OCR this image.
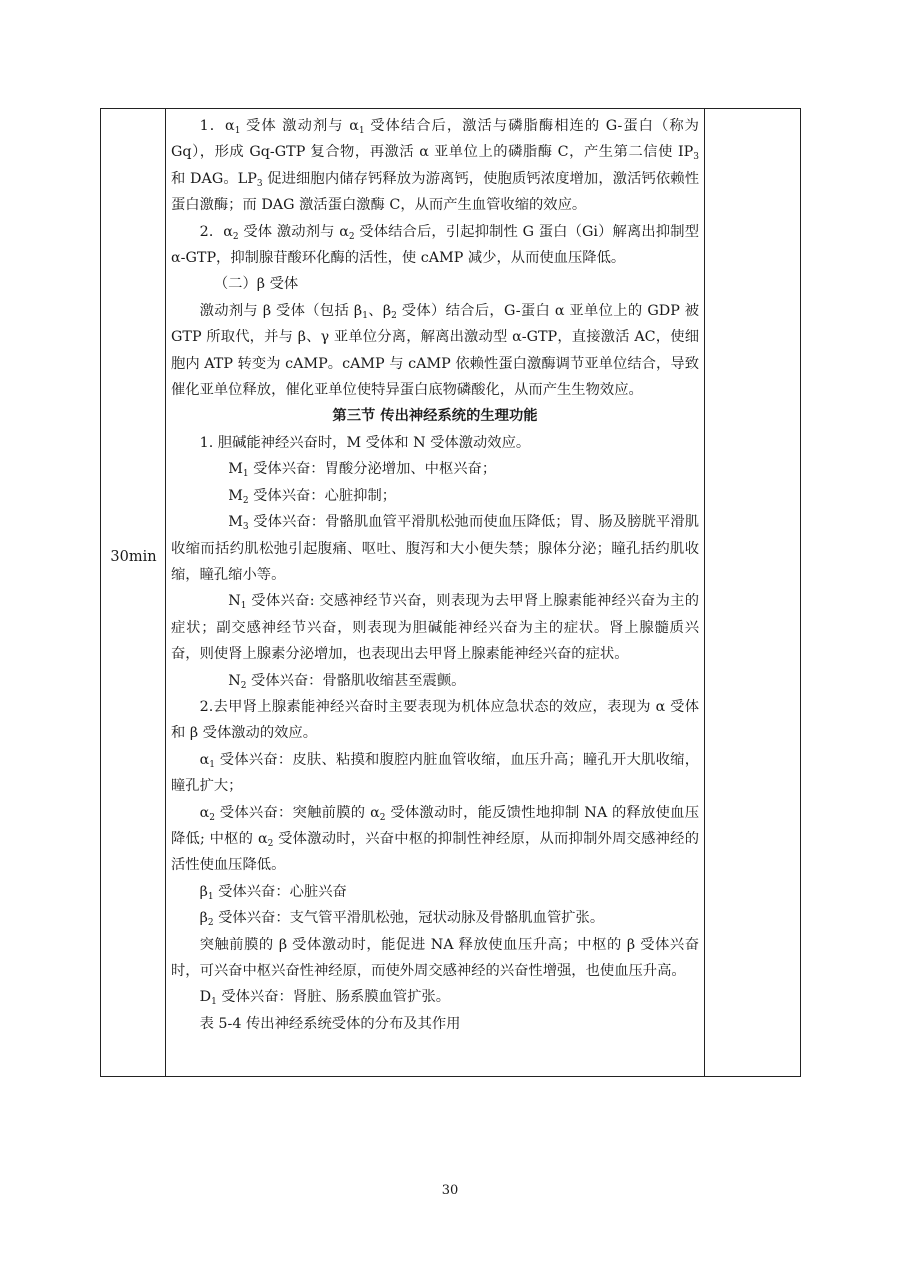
30min

1．$\alpha_1$ 受体 激动剂与 $\alpha_1$ 受体结合后，激活与磷脂酶相连的 G-蛋白（称为 Gq），形成 Gq-GTP 复合物，再激活 α 亚单位上的磷脂酶 C，产生第二信使 $IP_3$ 和 DAG。$LP_3$ 促进细胞内储存钙释放为游离钙，使胞质钙浓度增加，激活钙依赖性蛋白激酶；而 DAG 激活蛋白激酶 C，从而产生血管收缩的效应。

2．$\alpha_2$ 受体 激动剂与 $\alpha_2$ 受体结合后，引起抑制性 G 蛋白（Gi）解离出抑制型 α-GTP，抑制腺苷酸环化酶的活性，使 cAMP 减少，从而使血压降低。

（二）β 受体

激动剂与 β 受体（包括 $\beta_1$、$\beta_2$ 受体）结合后，G-蛋白 α 亚单位上的 GDP 被 GTP 所取代，并与 β、γ 亚单位分离，解离出激动型 α-GTP，直接激活 AC，使细胞内 ATP 转变为 cAMP。cAMP 与 cAMP 依赖性蛋白激酶调节亚单位结合，导致催化亚单位释放，催化亚单位使特异蛋白底物磷酸化，从而产生生物效应。

第三节 传出神经系统的生理功能

1. 胆碱能神经兴奋时，M 受体和 N 受体激动效应。

$M_1$ 受体兴奋：胃酸分泌增加、中枢兴奋；

$M_2$ 受体兴奋：心脏抑制；

$M_3$ 受体兴奋：骨骼肌血管平滑肌松弛而使血压降低；胃、肠及膀胱平滑肌收缩而括约肌松弛引起腹痛、呕吐、腹泻和大小便失禁；腺体分泌；瞳孔括约肌收缩，瞳孔缩小等。

$N_1$ 受体兴奋: 交感神经节兴奋，则表现为去甲肾上腺素能神经兴奋为主的症状；副交感神经节兴奋，则表现为胆碱能神经兴奋为主的症状。肾上腺髓质兴奋，则使肾上腺素分泌增加，也表现出去甲肾上腺素能神经兴奋的症状。

$N_2$ 受体兴奋：骨骼肌收缩甚至震颤。

2.去甲肾上腺素能神经兴奋时主要表现为机体应急状态的效应，表现为 α 受体和 β 受体激动的效应。

$\alpha_1$ 受体兴奋：皮肤、粘摸和腹腔内脏血管收缩，血压升高；瞳孔开大肌收缩，瞳孔扩大；

$\alpha_2$ 受体兴奋：突触前膜的 $\alpha_2$ 受体激动时，能反馈性地抑制 NA 的释放使血压降低; 中枢的 $\alpha_2$ 受体激动时，兴奋中枢的抑制性神经原，从而抑制外周交感神经的活性使血压降低。

$\beta_1$ 受体兴奋：心脏兴奋

$\beta_2$ 受体兴奋：支气管平滑肌松弛，冠状动脉及骨骼肌血管扩张。

突触前膜的 β 受体激动时，能促进 NA 释放使血压升高；中枢的 β 受体兴奋时，可兴奋中枢兴奋性神经原，而使外周交感神经的兴奋性增强，也使血压升高。

$D_1$ 受体兴奋：肾脏、肠系膜血管扩张。

表 5-4 传出神经系统受体的分布及其作用

30
